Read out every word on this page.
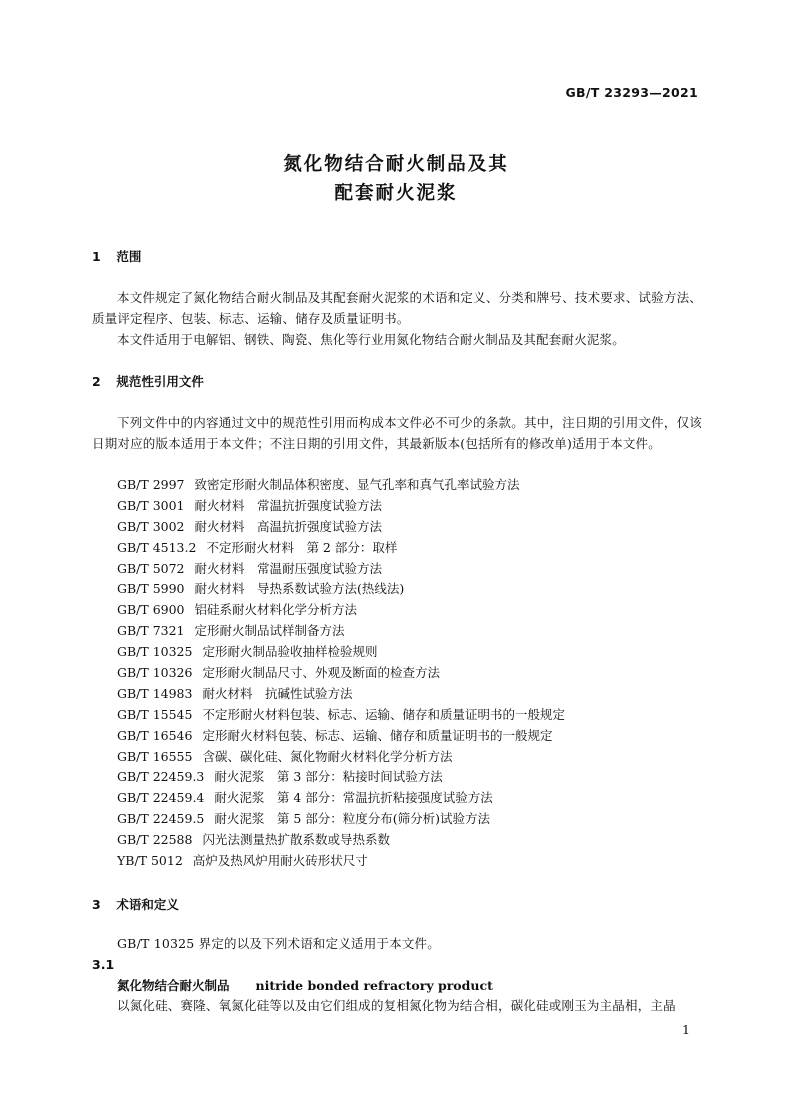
GB/T 23293—2021
氮化物结合耐火制品及其
配套耐火泥浆
1 范围

本文件规定了氮化物结合耐火制品及其配套耐火泥浆的术语和定义、分类和牌号、技术要求、试验方法、质量评定程序、包装、标志、运输、储存及质量证明书。

本文件适用于电解铝、钢铁、陶瓷、焦化等行业用氮化物结合耐火制品及其配套耐火泥浆。

2 规范性引用文件

下列文件中的内容通过文中的规范性引用而构成本文件必不可少的条款。其中，注日期的引用文件，仅该日期对应的版本适用于本文件；不注日期的引用文件，其最新版本(包括所有的修改单)适用于本文件。

GB/T 2997 致密定形耐火制品体积密度、显气孔率和真气孔率试验方法
GB/T 3001 耐火材料　常温抗折强度试验方法
GB/T 3002 耐火材料　高温抗折强度试验方法
GB/T 4513.2 不定形耐火材料　第 2 部分：取样
GB/T 5072 耐火材料　常温耐压强度试验方法
GB/T 5990 耐火材料　导热系数试验方法(热线法)
GB/T 6900 铝硅系耐火材料化学分析方法
GB/T 7321 定形耐火制品试样制备方法
GB/T 10325 定形耐火制品验收抽样检验规则
GB/T 10326 定形耐火制品尺寸、外观及断面的检查方法
GB/T 14983 耐火材料　抗碱性试验方法
GB/T 15545 不定形耐火材料包装、标志、运输、储存和质量证明书的一般规定
GB/T 16546 定形耐火材料包装、标志、运输、储存和质量证明书的一般规定
GB/T 16555 含碳、碳化硅、氮化物耐火材料化学分析方法
GB/T 22459.3 耐火泥浆　第 3 部分：粘接时间试验方法
GB/T 22459.4 耐火泥浆　第 4 部分：常温抗折粘接强度试验方法
GB/T 22459.5 耐火泥浆　第 5 部分：粒度分布(筛分析)试验方法
GB/T 22588 闪光法测量热扩散系数或导热系数
YB/T 5012 高炉及热风炉用耐火砖形状尺寸
3 术语和定义

GB/T 10325 界定的以及下列术语和定义适用于本文件。

3.1
氮化物结合耐火制品 nitride bonded refractory product

以氮化硅、赛隆、氧氮化硅等以及由它们组成的复相氮化物为结合相，碳化硅或刚玉为主晶相，主晶

1
